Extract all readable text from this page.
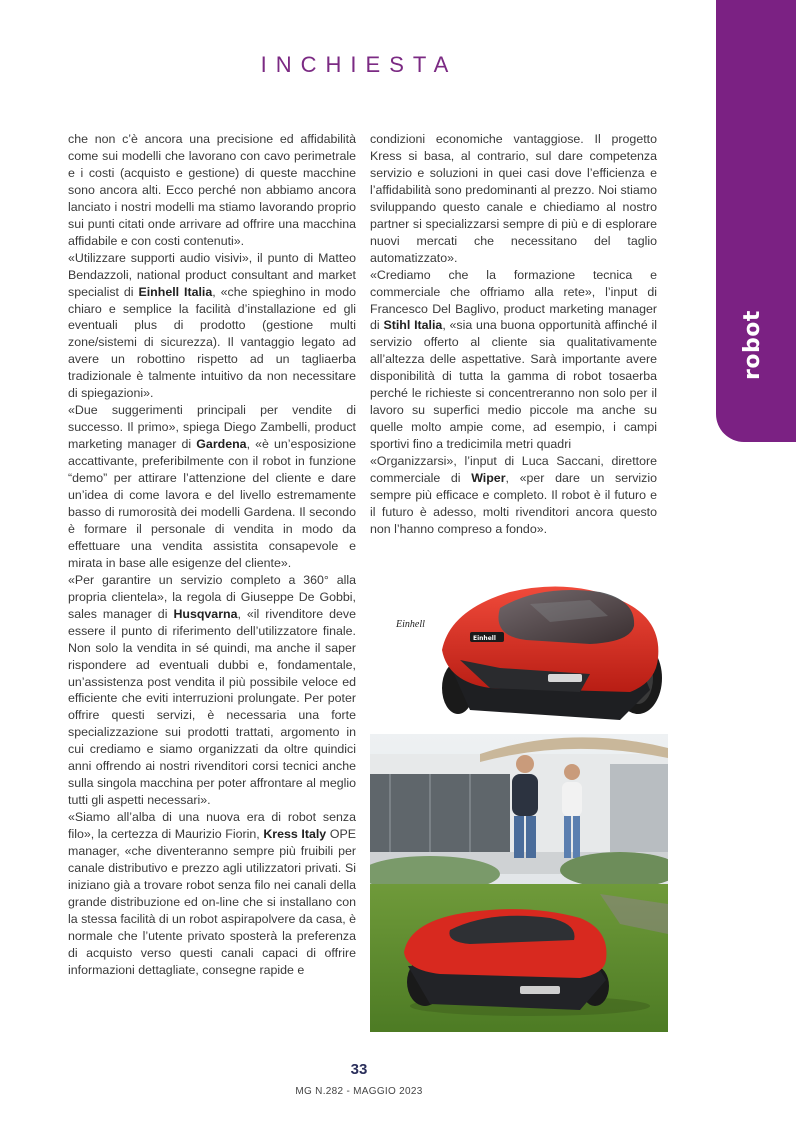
INCHIESTA
robot

che non c’è ancora una precisione ed affidabilità come sui modelli che lavorano con cavo perimetrale e i costi (acquisto e gestione) di queste macchine sono ancora alti. Ecco perché non abbiamo ancora lanciato i nostri modelli ma stiamo lavorando proprio sui punti citati onde arrivare ad offrire una macchina affidabile e con costi contenuti».

«Utilizzare supporti audio visivi», il punto di Matteo Bendazzoli, national product consultant and market specialist di Einhell Italia, «che spieghino in modo chiaro e semplice la facilità d’installazione ed gli eventuali plus di prodotto (gestione multi zone/sistemi di sicurezza). Il vantaggio legato ad avere un robottino rispetto ad un tagliaerba tradizionale è talmente intuitivo da non necessitare di spiegazioni».

«Due suggerimenti principali per vendite di successo. Il primo», spiega Diego Zambelli, product marketing manager di Gardena, «è un’esposizione accattivante, preferibilmente con il robot in funzione “demo” per attirare l’attenzione del cliente e dare un’idea di come lavora e del livello estremamente basso di rumorosità dei modelli Gardena. Il secondo è formare il personale di vendita in modo da effettuare una vendita assistita consapevole e mirata in base alle esigenze del cliente».

«Per garantire un servizio completo a 360° alla propria clientela», la regola di Giuseppe De Gobbi, sales manager di Husqvarna, «il rivenditore deve essere il punto di riferimento dell’utilizzatore finale. Non solo la vendita in sé quindi, ma anche il saper rispondere ad eventuali dubbi e, fondamentale, un’assistenza post vendita il più possibile veloce ed efficiente che eviti interruzioni prolungate. Per poter offrire questi servizi, è necessaria una forte specializzazione sui prodotti trattati, argomento in cui crediamo e siamo organizzati da oltre quindici anni offrendo ai nostri rivenditori corsi tecnici anche sulla singola macchina per poter affrontare al meglio tutti gli aspetti necessari».

«Siamo all’alba di una nuova era di robot senza filo», la certezza di Maurizio Fiorin, Kress Italy OPE manager, «che diventeranno sempre più fruibili per canale distributivo e prezzo agli utilizzatori privati. Si iniziano già a trovare robot senza filo nei canali della grande distribuzione ed on-line che si installano con la stessa facilità di un robot aspirapolvere da casa, è normale che l’utente privato sposterà la preferenza di acquisto verso questi canali capaci di offrire informazioni dettagliate, consegne rapide e

condizioni economiche vantaggiose. Il progetto Kress si basa, al contrario, sul dare competenza servizio e soluzioni in quei casi dove l’efficienza e l’affidabilità sono predominanti al prezzo. Noi stiamo sviluppando questo canale e chiediamo al nostro partner si specializzarsi sempre di più e di esplorare nuovi mercati che necessitano del taglio automatizzato».

«Crediamo che la formazione tecnica e commerciale che offriamo alla rete», l’input di Francesco Del Baglivo, product marketing manager di Stihl Italia, «sia una buona opportunità affinché il servizio offerto al cliente sia qualitativamente all’altezza delle aspettative. Sarà importante avere disponibilità di tutta la gamma di robot tosaerba perché le richieste si concentreranno non solo per il lavoro su superfici medio piccole ma anche su quelle molto ampie come, ad esempio, i campi sportivi fino a tredicimila metri quadri

«Organizzarsi», l’input di Luca Saccani, direttore commerciale di Wiper, «per dare un servizio sempre più efficace e completo. Il robot è il futuro e il futuro è adesso, molti rivenditori ancora questo non l’hanno compreso a fondo».

Einhell
Einhell
33
MG N.282 - MAGGIO 2023
